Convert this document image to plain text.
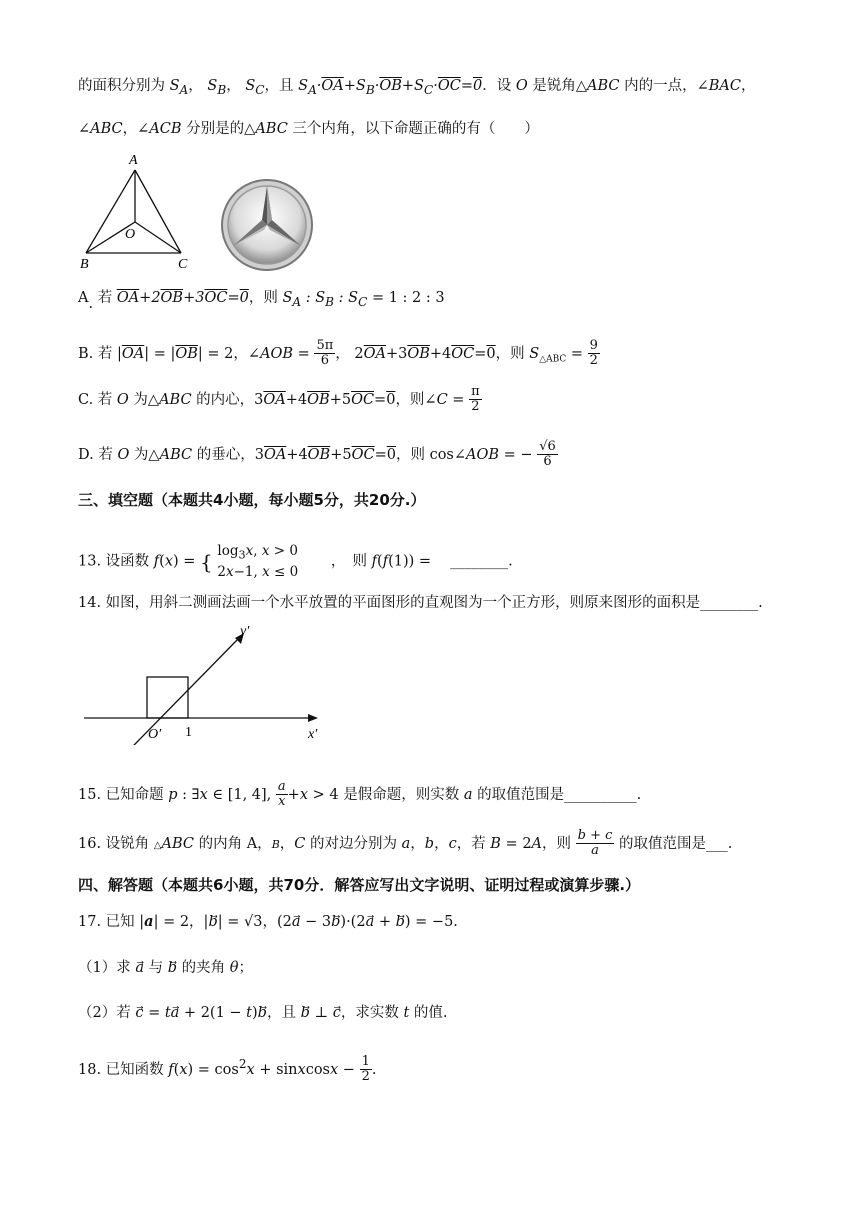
的面积分别为 $S_A$， $S_B$， $S_C$，且 $S_A\cdot\overline{OA}+S_B\cdot\overline{OB}+S_C\cdot\overline{OC}=0$．设 O 是锐角△ABC 内的一点，∠BAC，
∠ABC，∠ACB 分别是的△ABC 三个内角，以下命题正确的有（　　）
A
B	C
O
A. 若 $\overline{OA}+2\overline{OB}+3\overline{OC}=0$，则 $S_A$ : $S_B$ : $S_C = 1$ : 2 : 3
B. 若 $|\overline{OA}| = |\overline{OB}| = 2$，∠AOB = $\frac{5\pi}{6}$ ， $2\overline{OA}+3\overline{OB}+4\overline{OC}=0$，则 $S_{\triangle ABC} = \frac{9}{2}$
C. 若 O 为△ABC 的内心，$3\overline{OA}+4\overline{OB}+5\overline{OC}=0$，则∠C = $\frac{\pi}{2}$
D. 若 O 为△ABC 的垂心，$3\overline{OA}+4\overline{OB}+5\overline{OC}=0$，则 cos∠AOB = − $\frac{√6}{6}$
三、填空题（本题共4小题，每小题5分，共20分.）
13. 设函数 f(x) = { $\log_3x$, x > 0
2x−1, x ≤ 0
，　则 f(f(1)) =　 ________.
14. 如图，用斜二测画法画一个水平放置的平面图形的直观图为一个正方形，则原来图形的面积是________.
y′
x′
O′ 1
15. 已知命题 p : ∃x ∈ [1, 4], $\frac{a}{x} +x > 4$ 是假命题，则实数 a 的取值范围是__________.
16. 设锐角 △ABC 的内角 A，B，C 的对边分别为 a，b，c，若 B = 2A，则 $\frac{b + c}{a}$ 的取值范围是___.
四、解答题（本题共6小题，共70分．解答应写出文字说明、证明过程或演算步骤.）
17. 已知 |a| = 2，|b⃗| = √3，(2a⃗ − 3b⃗)·(2a⃗ + b⃗) = −5.
（1）求 a⃗ 与 b⃗ 的夹角 θ；
（2）若 c⃗ = ta⃗ + 2(1 − t)b⃗，且 b⃗ ⊥ c⃗，求实数 t 的值.
18. 已知函数 $f(x) = \cos^2x$ + sinxcosx − $\frac{1}{2}$ .
